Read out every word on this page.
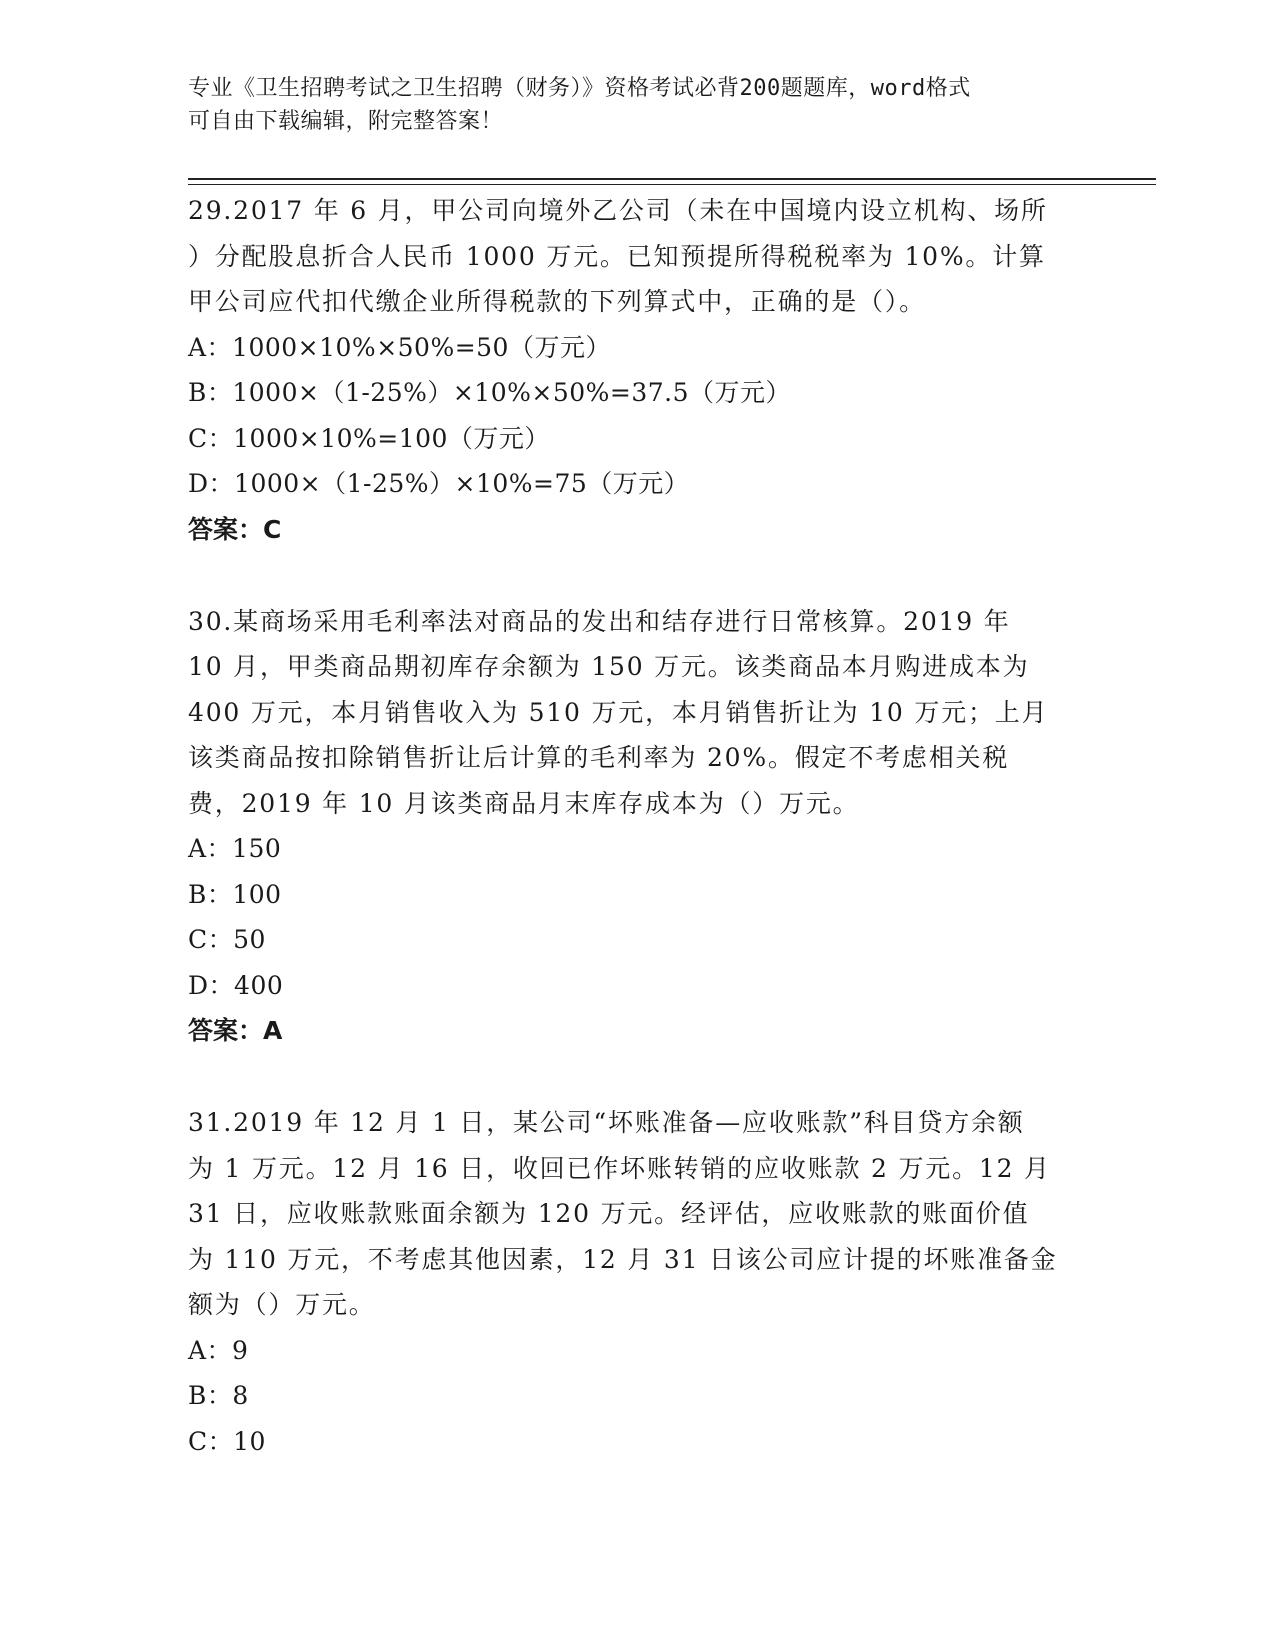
专业《卫生招聘考试之卫生招聘（财务）》资格考试必背200题题库，word格式
可自由下载编辑，附完整答案！

29.2017 年 6 月，甲公司向境外乙公司（未在中国境内设立机构、场所

）分配股息折合人民币 1000 万元。已知预提所得税税率为 10%。计算

甲公司应代扣代缴企业所得税款的下列算式中，正确的是（）。

A：1000×10%×50%=50（万元）

B：1000×（1-25%）×10%×50%=37.5（万元）

C：1000×10%=100（万元）

D：1000×（1-25%）×10%=75（万元）

答案：C

30.某商场采用毛利率法对商品的发出和结存进行日常核算。2019 年

10 月，甲类商品期初库存余额为 150 万元。该类商品本月购进成本为

400 万元，本月销售收入为 510 万元，本月销售折让为 10 万元；上月

该类商品按扣除销售折让后计算的毛利率为 20%。假定不考虑相关税

费，2019 年 10 月该类商品月末库存成本为（）万元。

A：150

B：100

C：50

D：400

答案：A

31.2019 年 12 月 1 日，某公司“坏账准备—应收账款”科目贷方余额

为 1 万元。12 月 16 日，收回已作坏账转销的应收账款 2 万元。12 月

31 日，应收账款账面余额为 120 万元。经评估，应收账款的账面价值

为 110 万元，不考虑其他因素，12 月 31 日该公司应计提的坏账准备金

额为（）万元。

A：9

B：8

C：10
